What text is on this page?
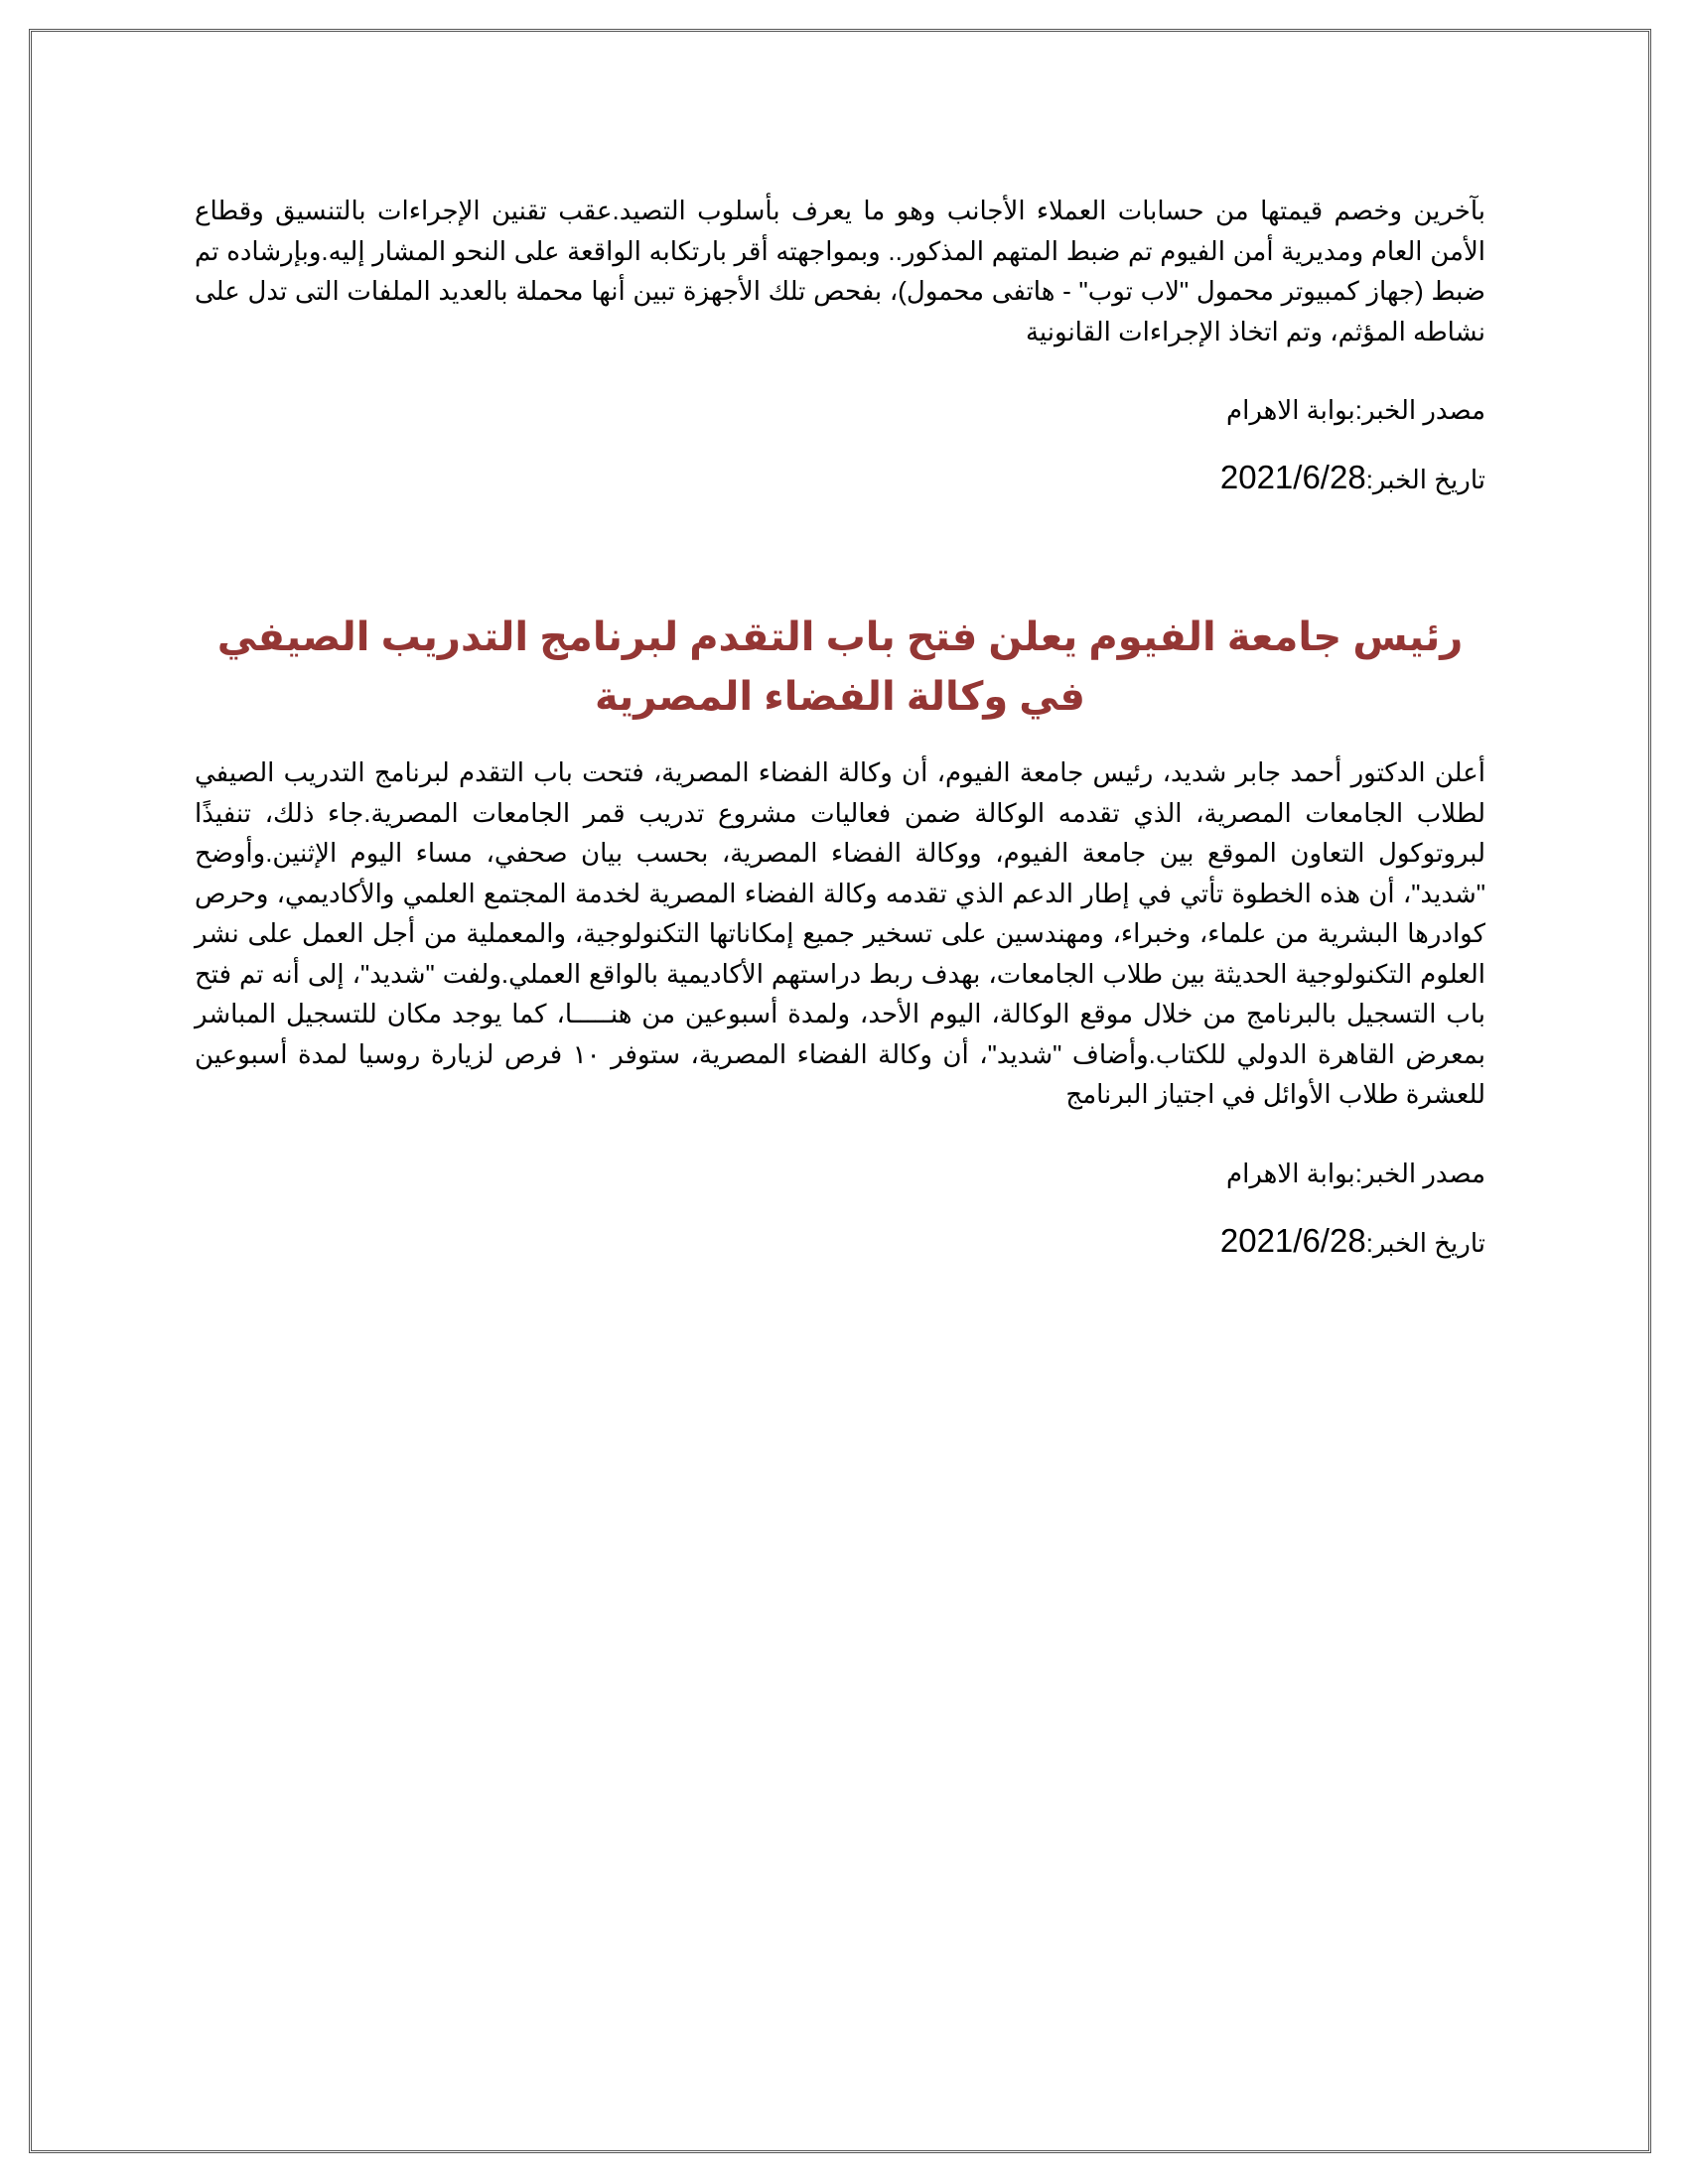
بآخرين وخصم قيمتها من حسابات العملاء الأجانب وهو ما يعرف بأسلوب التصيد.عقب تقنين الإجراءات بالتنسيق وقطاع الأمن العام ومديرية أمن الفيوم تم ضبط المتهم المذكور.. وبمواجهته أقر بارتكابه الواقعة على النحو المشار إليه.وبإرشاده تم ضبط (جهاز كمبيوتر محمول "لاب توب" - هاتفى محمول)، بفحص تلك الأجهزة تبين أنها محملة بالعديد الملفات التى تدل على نشاطه المؤثم، وتم اتخاذ الإجراءات القانونية

مصدر الخبر:بوابة الاهرام

تاريخ الخبر:2021/6/28

رئيس جامعة الفيوم يعلن فتح باب التقدم لبرنامج التدريب الصيفي في وكالة الفضاء المصرية

أعلن الدكتور أحمد جابر شديد، رئيس جامعة الفيوم، أن وكالة الفضاء المصرية، فتحت باب التقدم لبرنامج التدريب الصيفي لطلاب الجامعات المصرية، الذي تقدمه الوكالة ضمن فعاليات مشروع تدريب قمر الجامعات المصرية.جاء ذلك، تنفيذًا لبروتوكول التعاون الموقع بين جامعة الفيوم، ووكالة الفضاء المصرية، بحسب بيان صحفي، مساء اليوم الإثنين.وأوضح "شديد"، أن هذه الخطوة تأتي في إطار الدعم الذي تقدمه وكالة الفضاء المصرية لخدمة المجتمع العلمي والأكاديمي، وحرص كوادرها البشرية من علماء، وخبراء، ومهندسين على تسخير جميع إمكاناتها التكنولوجية، والمعملية من أجل العمل على نشر العلوم التكنولوجية الحديثة بين طلاب الجامعات، بهدف ربط دراستهم الأكاديمية بالواقع العملي.ولفت "شديد"، إلى أنه تم فتح باب التسجيل بالبرنامج من خلال موقع الوكالة، اليوم الأحد، ولمدة أسبوعين من هنـــــا، كما يوجد مكان للتسجيل المباشر بمعرض القاهرة الدولي للكتاب.وأضاف "شديد"، أن وكالة الفضاء المصرية، ستوفر ١٠ فرص لزيارة روسيا لمدة أسبوعين للعشرة طلاب الأوائل في اجتياز البرنامج

مصدر الخبر:بوابة الاهرام

تاريخ الخبر:2021/6/28
